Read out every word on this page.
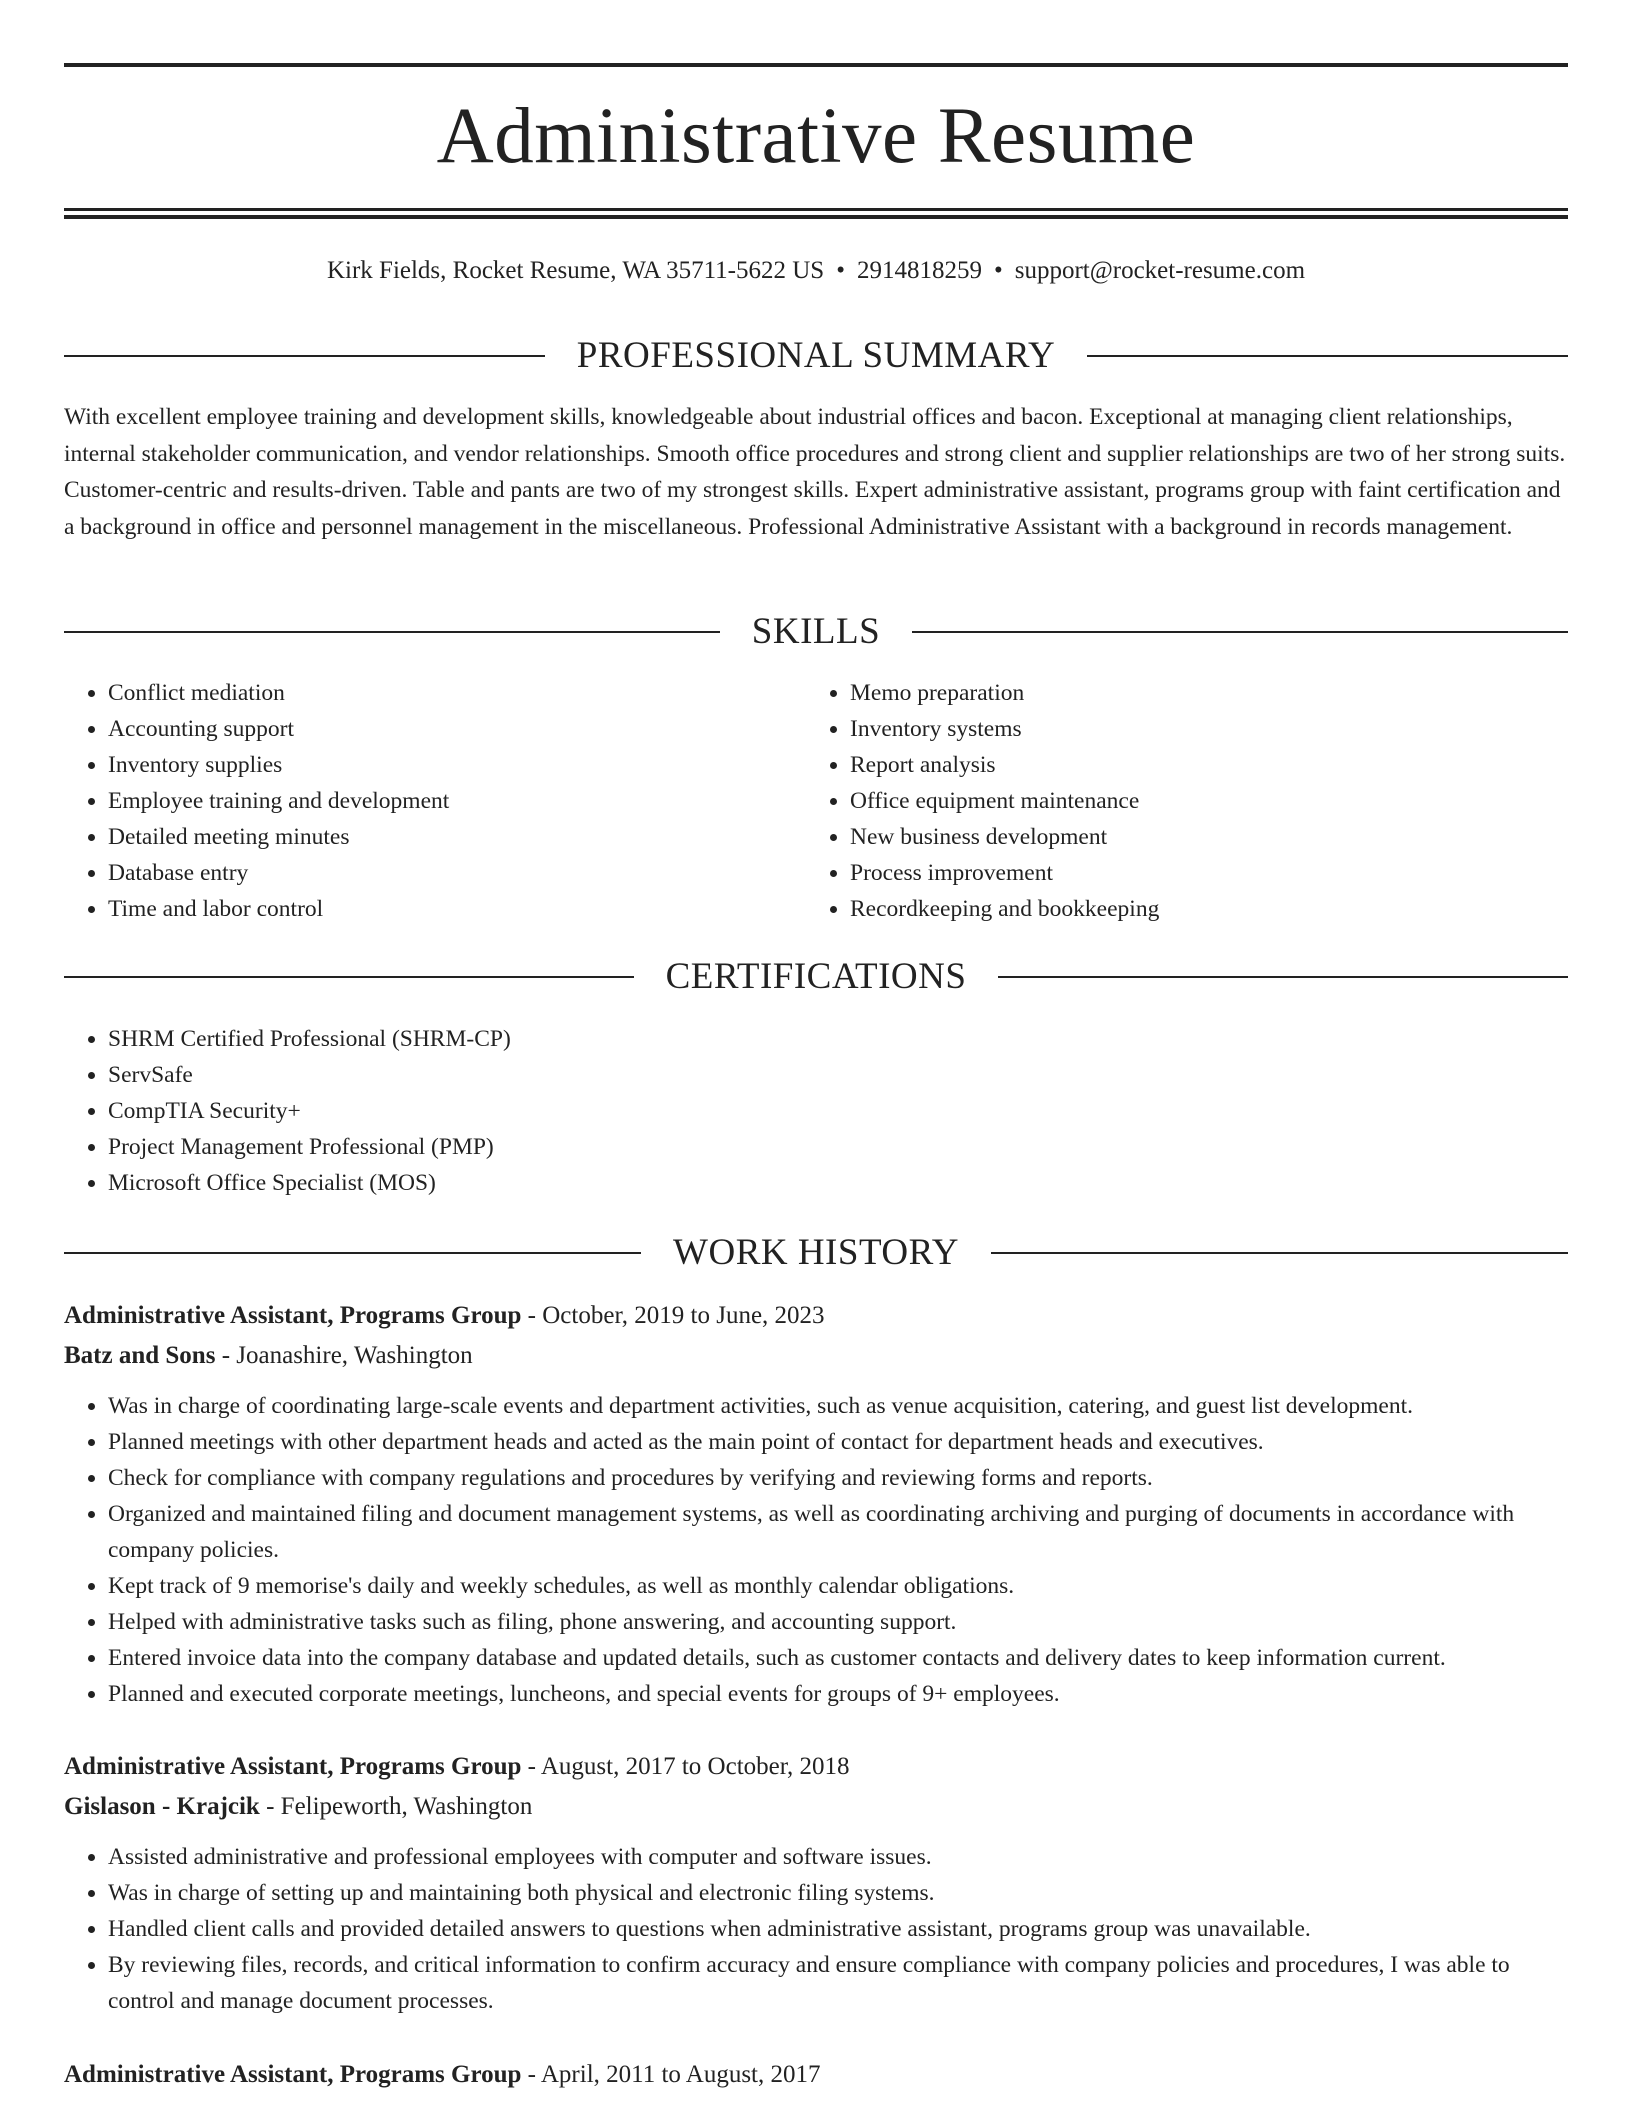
Administrative Resume
Kirk Fields, Rocket Resume, WA 35711-5622 US • 2914818259 • support@rocket-resume.com
PROFESSIONAL SUMMARY

With excellent employee training and development skills, knowledgeable about industrial offices and bacon. Exceptional at managing client relationships, internal stakeholder communication, and vendor relationships. Smooth office procedures and strong client and supplier relationships are two of her strong suits. Customer-centric and results-driven. Table and pants are two of my strongest skills. Expert administrative assistant, programs group with faint certification and a background in office and personnel management in the miscellaneous. Professional Administrative Assistant with a background in records management.

SKILLS
• Conflict mediation
• Accounting support
• Inventory supplies
• Employee training and development
• Detailed meeting minutes
• Database entry
• Time and labor control
• Memo preparation
• Inventory systems
• Report analysis
• Office equipment maintenance
• New business development
• Process improvement
• Recordkeeping and bookkeeping
CERTIFICATIONS
• SHRM Certified Professional (SHRM-CP)
• ServSafe
• CompTIA Security+
• Project Management Professional (PMP)
• Microsoft Office Specialist (MOS)
WORK HISTORY
Administrative Assistant, Programs Group - October, 2019 to June, 2023
Batz and Sons - Joanashire, Washington
• Was in charge of coordinating large-scale events and department activities, such as venue acquisition, catering, and guest list development.
• Planned meetings with other department heads and acted as the main point of contact for department heads and executives.
• Check for compliance with company regulations and procedures by verifying and reviewing forms and reports.
• Organized and maintained filing and document management systems, as well as coordinating archiving and purging of documents in accordance with company policies.
• Kept track of 9 memorise's daily and weekly schedules, as well as monthly calendar obligations.
• Helped with administrative tasks such as filing, phone answering, and accounting support.
• Entered invoice data into the company database and updated details, such as customer contacts and delivery dates to keep information current.
• Planned and executed corporate meetings, luncheons, and special events for groups of 9+ employees.
Administrative Assistant, Programs Group - August, 2017 to October, 2018
Gislason - Krajcik - Felipeworth, Washington
• Assisted administrative and professional employees with computer and software issues.
• Was in charge of setting up and maintaining both physical and electronic filing systems.
• Handled client calls and provided detailed answers to questions when administrative assistant, programs group was unavailable.
• By reviewing files, records, and critical information to confirm accuracy and ensure compliance with company policies and procedures, I was able to control and manage document processes.
Administrative Assistant, Programs Group - April, 2011 to August, 2017
